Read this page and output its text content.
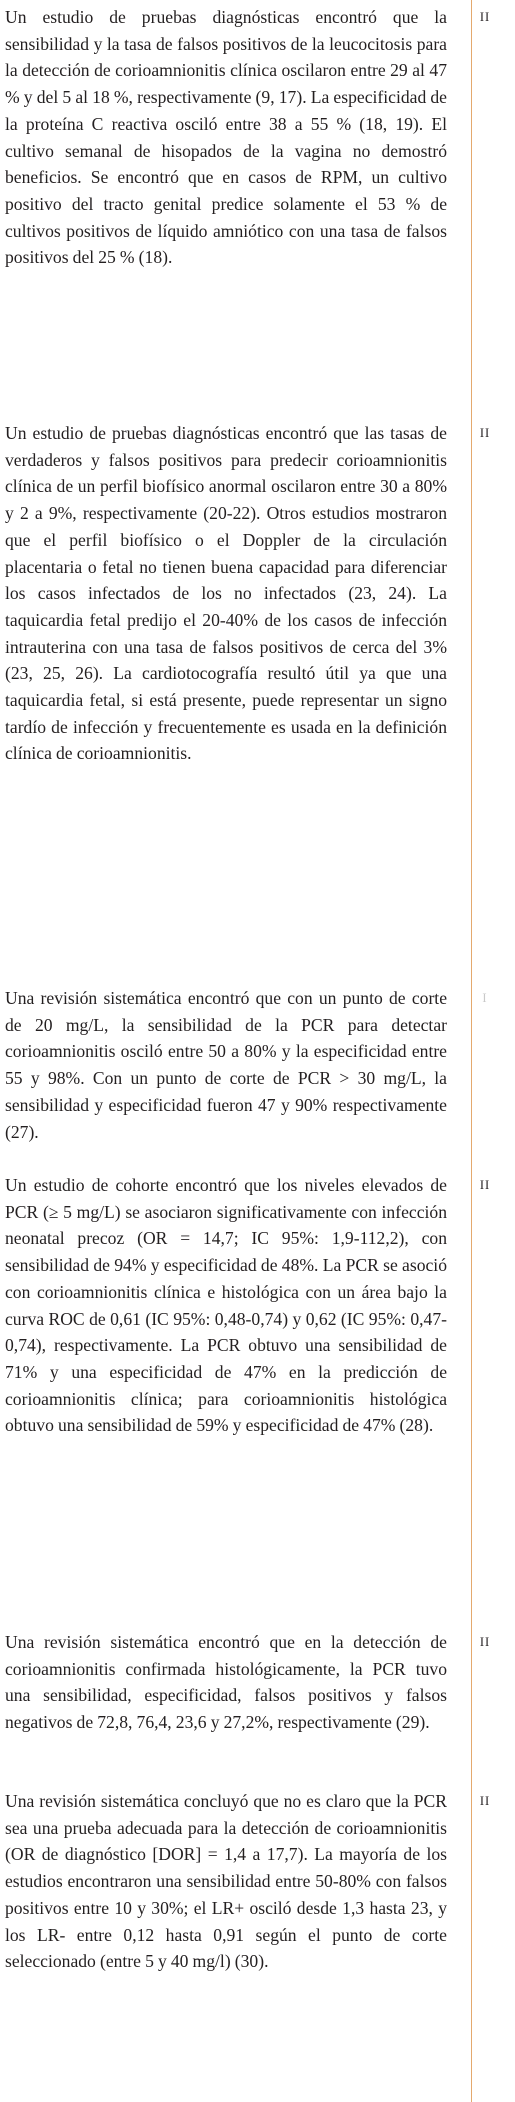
Un estudio de pruebas diagnósticas encontró que la sensibilidad y la tasa de falsos positivos de la leucocitosis para la detección de corioamnionitis clínica oscilaron entre 29 al 47 % y del 5 al 18 %, respectivamente (9, 17). La especificidad de la proteína C reactiva osciló entre 38 a 55 % (18, 19). El cultivo semanal de hisopados de la vagina no demostró beneficios. Se encontró que en casos de RPM, un cultivo positivo del tracto genital predice solamente el 53 % de cultivos positivos de líquido amniótico con una tasa de falsos positivos del 25 % (18).

II

Un estudio de pruebas diagnósticas encontró que las tasas de verdaderos y falsos positivos para predecir corioamnionitis clínica de un perfil biofísico anormal oscilaron entre 30 a 80% y 2 a 9%, respectivamente (20-22). Otros estudios mostraron que el perfil biofísico o el Doppler de la circulación placentaria o fetal no tienen buena capacidad para diferenciar los casos infectados de los no infectados (23, 24). La taquicardia fetal predijo el 20-40% de los casos de infección intrauterina con una tasa de falsos positivos de cerca del 3% (23, 25, 26). La cardiotocografía resultó útil ya que una taquicardia fetal, si está presente, puede representar un signo tardío de infección y frecuentemente es usada en la definición clínica de corioamnionitis.

II

Una revisión sistemática encontró que con un punto de corte de 20 mg/L, la sensibilidad de la PCR para detectar corioamnionitis osciló entre 50 a 80% y la especificidad entre 55 y 98%. Con un punto de corte de PCR > 30 mg/L, la sensibilidad y especificidad fueron 47 y 90% respectivamente (27).

I

Un estudio de cohorte encontró que los niveles elevados de PCR (≥ 5 mg/L) se asociaron significativamente con infección neonatal precoz (OR = 14,7; IC 95%: 1,9-112,2), con sensibilidad de 94% y especificidad de 48%. La PCR se asoció con corioamnionitis clínica e histológica con un área bajo la curva ROC de 0,61 (IC 95%: 0,48-0,74) y 0,62 (IC 95%: 0,47-0,74), respectivamente. La PCR obtuvo una sensibilidad de 71% y una especificidad de 47% en la predicción de corioamnionitis clínica; para corioamnionitis histológica obtuvo una sensibilidad de 59% y especificidad de 47% (28).

II

Una revisión sistemática encontró que en la detección de corioamnionitis confirmada histológicamente, la PCR tuvo una sensibilidad, especificidad, falsos positivos y falsos negativos de 72,8, 76,4, 23,6 y 27,2%, respectivamente (29).

II

Una revisión sistemática concluyó que no es claro que la PCR sea una prueba adecuada para la detección de corioamnionitis (OR de diagnóstico [DOR] = 1,4 a 17,7). La mayoría de los estudios encontraron una sensibilidad entre 50-80% con falsos positivos entre 10 y 30%; el LR+ osciló desde 1,3 hasta 23, y los LR- entre 0,12 hasta 0,91 según el punto de corte seleccionado (entre 5 y 40 mg/l) (30).

II
